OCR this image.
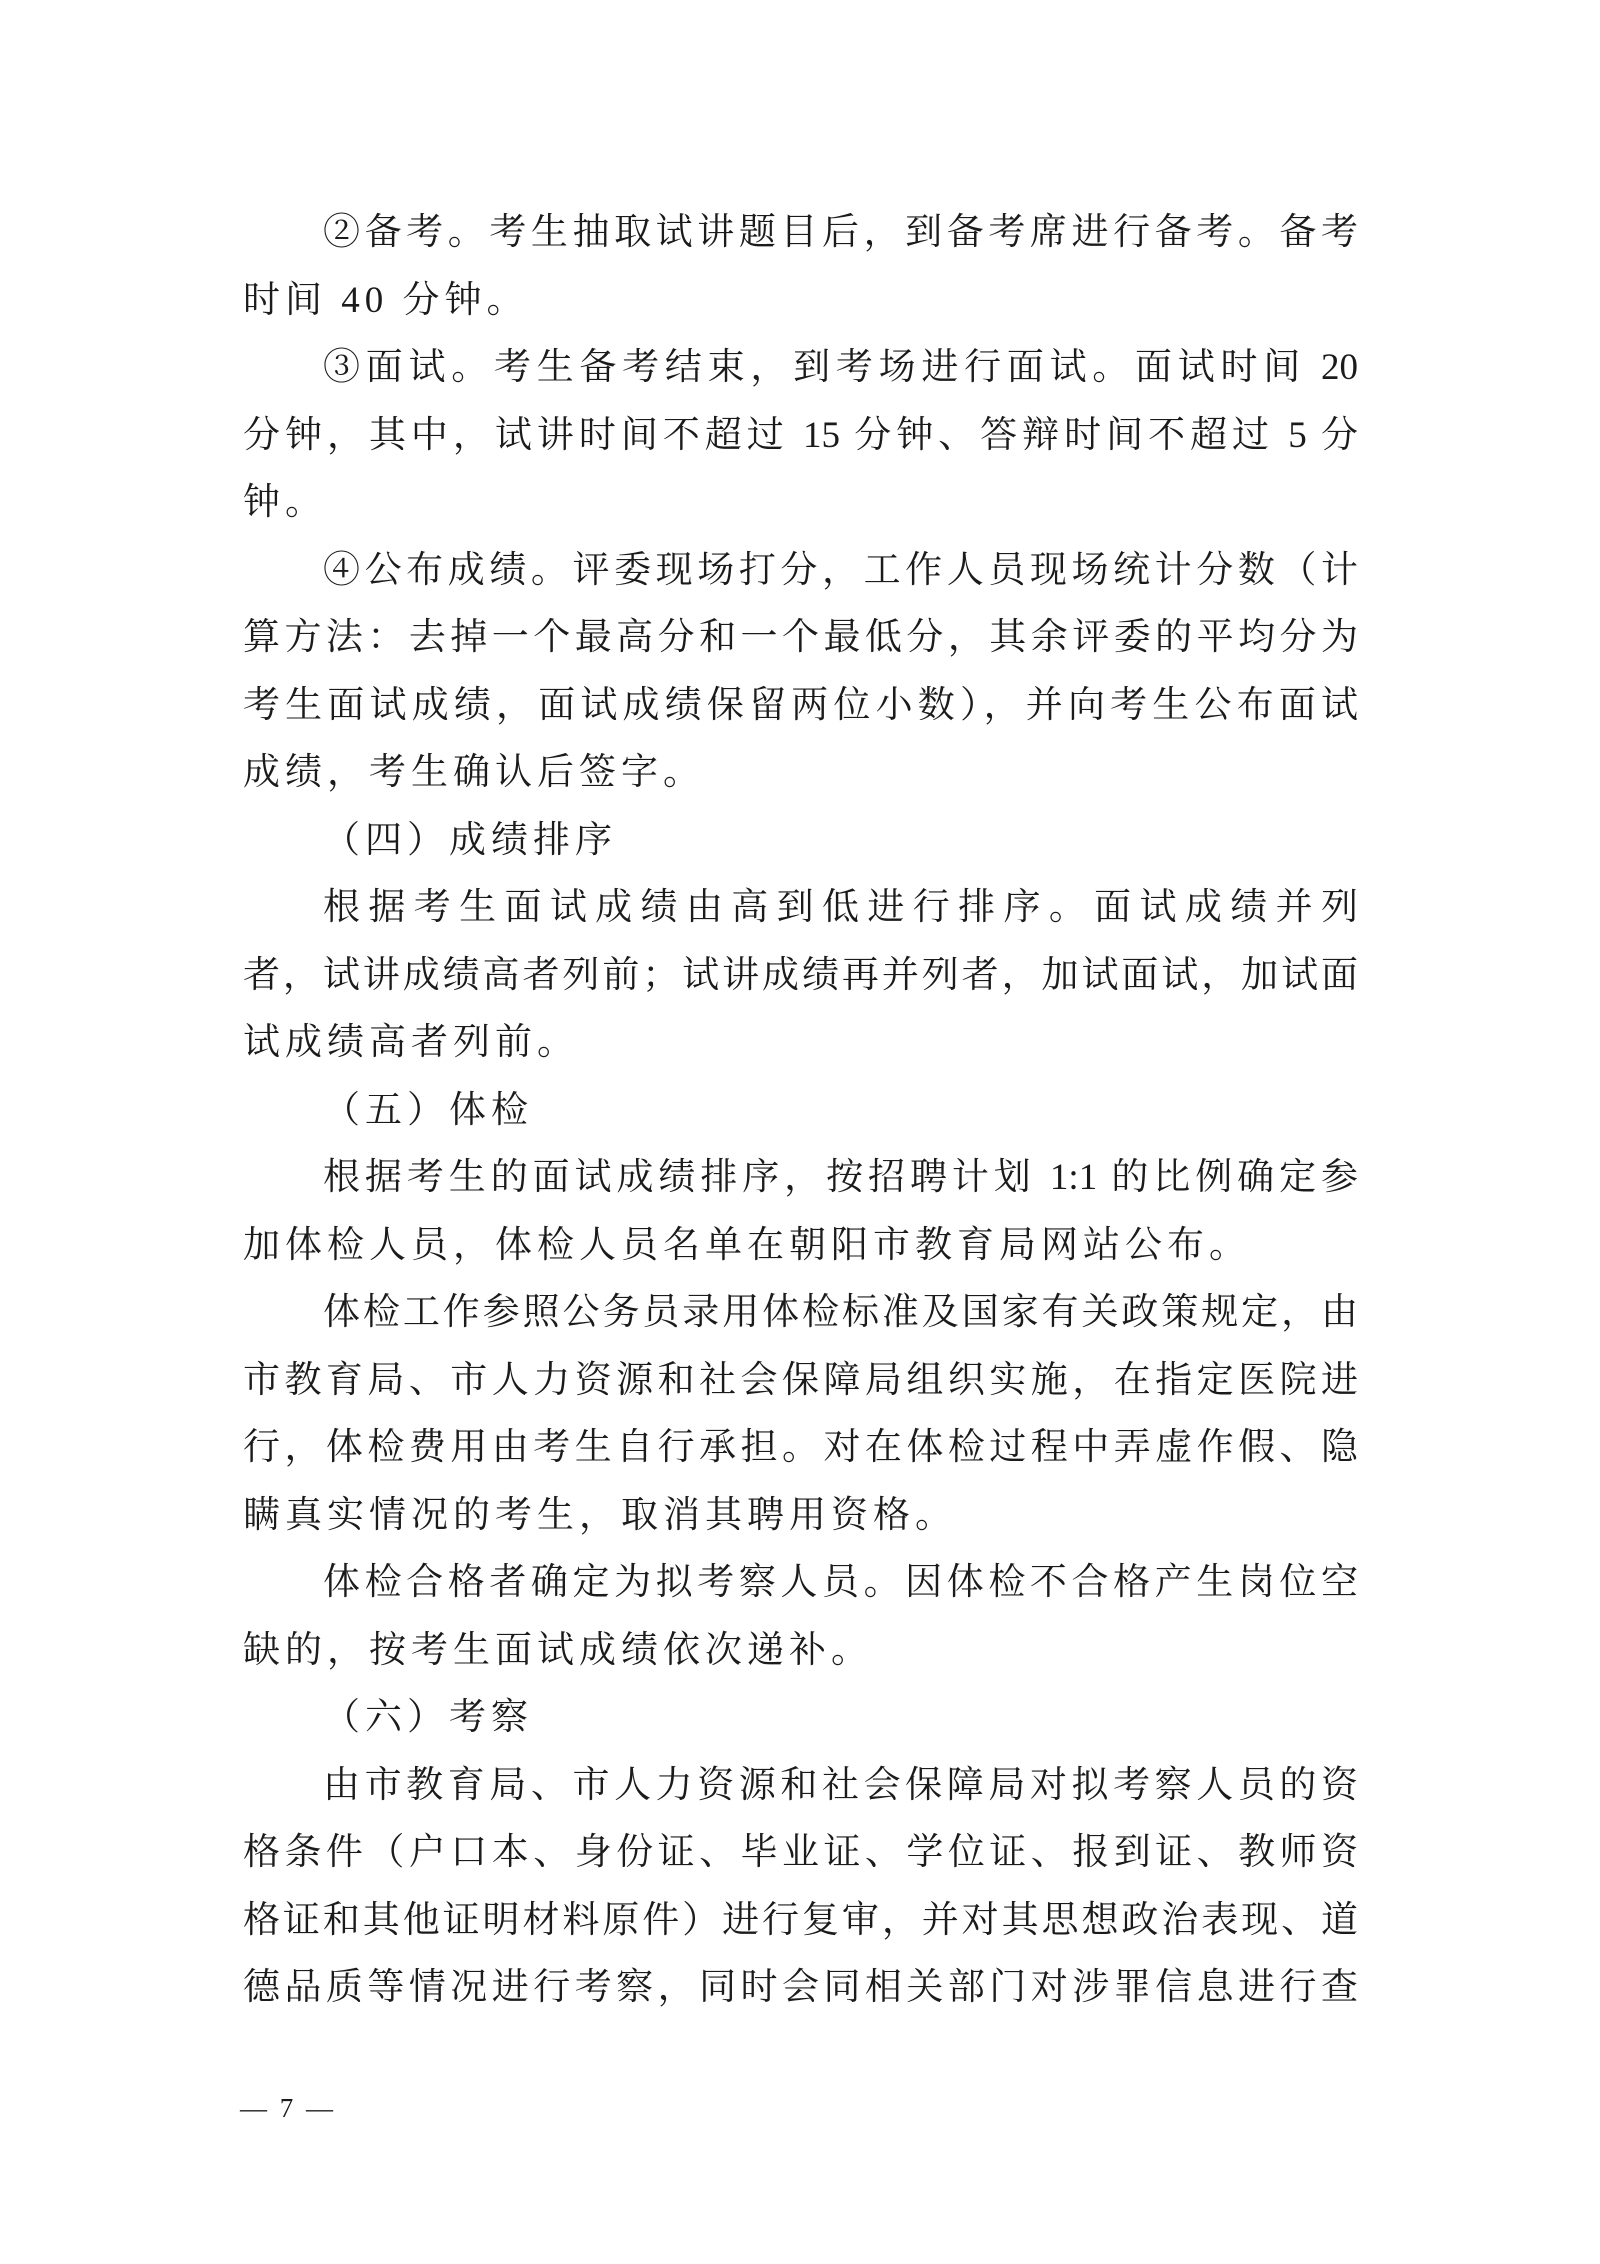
②备考。考生抽取试讲题目后，到备考席进行备考。备考
时间 40 分钟。
③面试。考生备考结束，到考场进行面试。面试时间 20
分钟，其中，试讲时间不超过 15 分钟、答辩时间不超过 5 分
钟。
④公布成绩。评委现场打分，工作人员现场统计分数（计
算方法：去掉一个最高分和一个最低分，其余评委的平均分为
考生面试成绩，面试成绩保留两位小数），并向考生公布面试
成绩，考生确认后签字。
（四）成绩排序
根据考生面试成绩由高到低进行排序。面试成绩并列
者，试讲成绩高者列前；试讲成绩再并列者，加试面试，加试面
试成绩高者列前。
（五）体检
根据考生的面试成绩排序，按招聘计划 1:1 的比例确定参
加体检人员，体检人员名单在朝阳市教育局网站公布。
体检工作参照公务员录用体检标准及国家有关政策规定，由
市教育局、市人力资源和社会保障局组织实施，在指定医院进
行，体检费用由考生自行承担。对在体检过程中弄虚作假、隐
瞒真实情况的考生，取消其聘用资格。
体检合格者确定为拟考察人员。因体检不合格产生岗位空
缺的，按考生面试成绩依次递补。
（六）考察
由市教育局、市人力资源和社会保障局对拟考察人员的资
格条件（户口本、身份证、毕业证、学位证、报到证、教师资
格证和其他证明材料原件）进行复审，并对其思想政治表现、道
德品质等情况进行考察，同时会同相关部门对涉罪信息进行查
— 7 —
